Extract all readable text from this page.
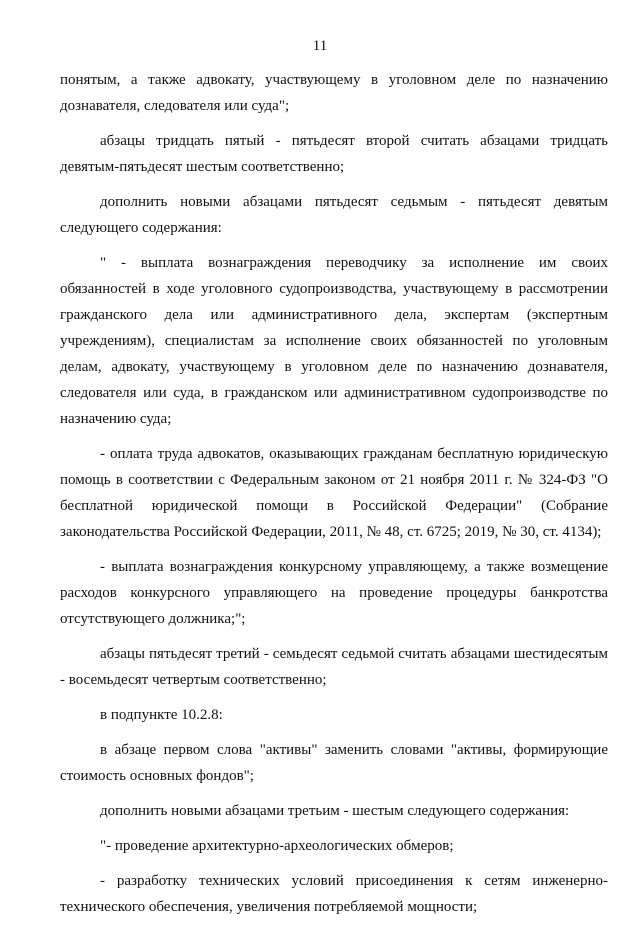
11

понятым, а также адвокату, участвующему в уголовном деле по назначению дознавателя, следователя или суда";

абзацы тридцать пятый - пятьдесят второй считать абзацами тридцать девятым-пятьдесят шестым соответственно;

дополнить новыми абзацами пятьдесят седьмым - пятьдесят девятым следующего содержания:

" - выплата вознаграждения переводчику за исполнение им своих обязанностей в ходе уголовного судопроизводства, участвующему в рассмотрении гражданского дела или административного дела, экспертам (экспертным учреждениям), специалистам за исполнение своих обязанностей по уголовным делам, адвокату, участвующему в уголовном деле по назначению дознавателя, следователя или суда, в гражданском или административном судопроизводстве по назначению суда;

- оплата труда адвокатов, оказывающих гражданам бесплатную юридическую помощь в соответствии с Федеральным законом от 21 ноября 2011 г. № 324-ФЗ "О бесплатной юридической помощи в Российской Федерации" (Собрание законодательства Российской Федерации, 2011, № 48, ст. 6725; 2019, № 30, ст. 4134);

- выплата вознаграждения конкурсному управляющему, а также возмещение расходов конкурсного управляющего на проведение процедуры банкротства отсутствующего должника;";

абзацы пятьдесят третий - семьдесят седьмой считать абзацами шестидесятым - восемьдесят четвертым соответственно;

в подпункте 10.2.8:

в абзаце первом слова "активы" заменить словами "активы, формирующие стоимость основных фондов";

дополнить новыми абзацами третьим - шестым следующего содержания:

"- проведение архитектурно-археологических обмеров;

- разработку технических условий присоединения к сетям инженерно-технического обеспечения, увеличения потребляемой мощности;
